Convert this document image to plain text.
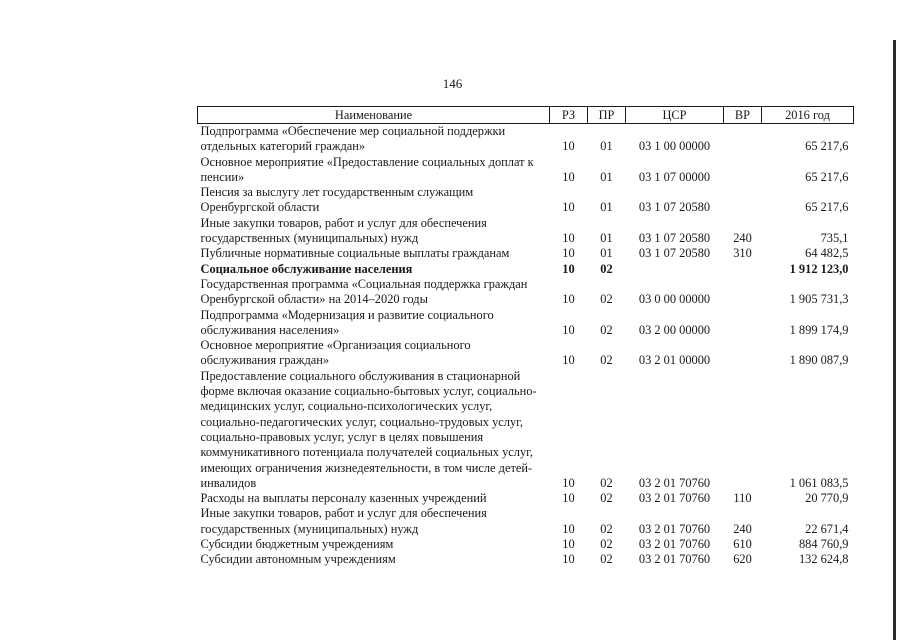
146
Наименование	РЗ	ПР	ЦСР	ВР	2016 год
Подпрограмма «Обеспечение мер социальной поддержки отдельных категорий граждан»	10	01	03 1 00 00000		65 217,6
Основное мероприятие «Предоставление социальных доплат к пенсии»	10	01	03 1 07 00000		65 217,6
Пенсия за выслугу лет государственным служащим Оренбургской области	10	01	03 1 07 20580		65 217,6
Иные закупки товаров, работ и услуг для обеспечения государственных (муниципальных) нужд	10	01	03 1 07 20580	240	735,1
Публичные нормативные социальные выплаты гражданам	10	01	03 1 07 20580	310	64 482,5
Социальное обслуживание населения	10	02			1 912 123,0
Государственная программа «Социальная поддержка граждан Оренбургской области» на 2014–2020 годы	10	02	03 0 00 00000		1 905 731,3
Подпрограмма «Модернизация и развитие социального обслуживания населения»	10	02	03 2 00 00000		1 899 174,9
Основное мероприятие «Организация социального обслуживания граждан»	10	02	03 2 01 00000		1 890 087,9
Предоставление социального обслуживания в стационарной форме включая оказание социально-бытовых услуг, социально-медицинских услуг, социально-психологических услуг, социально-педагогических услуг, социально-трудовых услуг, социально-правовых услуг, услуг в целях повышения коммуникативного потенциала получателей социальных услуг, имеющих ограничения жизнедеятельности, в том числе детей-инвалидов	10	02	03 2 01 70760		1 061 083,5
Расходы на выплаты персоналу казенных учреждений	10	02	03 2 01 70760	110	20 770,9
Иные закупки товаров, работ и услуг для обеспечения государственных (муниципальных) нужд	10	02	03 2 01 70760	240	22 671,4
Субсидии бюджетным учреждениям	10	02	03 2 01 70760	610	884 760,9
Субсидии автономным учреждениям	10	02	03 2 01 70760	620	132 624,8
